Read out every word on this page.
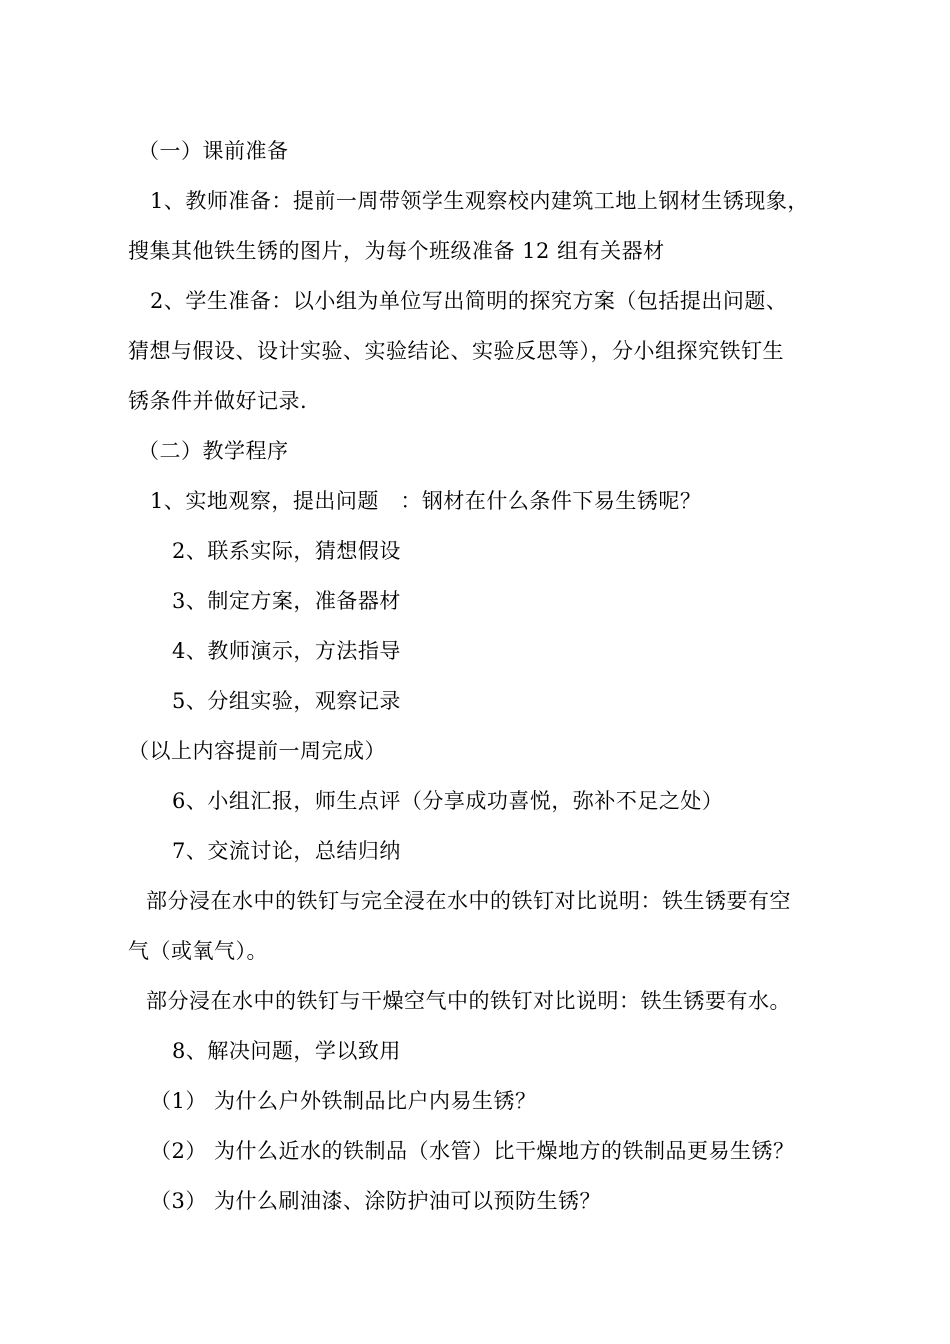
（一）课前准备
1、教师准备：提前一周带领学生观察校内建筑工地上钢材生锈现象，
搜集其他铁生锈的图片，为每个班级准备 12 组有关器材
2、学生准备：以小组为单位写出简明的探究方案（包括提出问题、
猜想与假设、设计实验、实验结论、实验反思等），分小组探究铁钉生
锈条件并做好记录.
（二）教学程序
1、实地观察，提出问题　：钢材在什么条件下易生锈呢？
2、联系实际，猜想假设
3、制定方案，准备器材
4、教师演示，方法指导
5、分组实验，观察记录
（以上内容提前一周完成）
6、小组汇报，师生点评（分享成功喜悦，弥补不足之处）
7、交流讨论，总结归纳
部分浸在水中的铁钉与完全浸在水中的铁钉对比说明：铁生锈要有空
气（或氧气）。
部分浸在水中的铁钉与干燥空气中的铁钉对比说明：铁生锈要有水。
8、解决问题，学以致用
（1） 为什么户外铁制品比户内易生锈？
（2） 为什么近水的铁制品（水管）比干燥地方的铁制品更易生锈？
（3） 为什么刷油漆、涂防护油可以预防生锈？
